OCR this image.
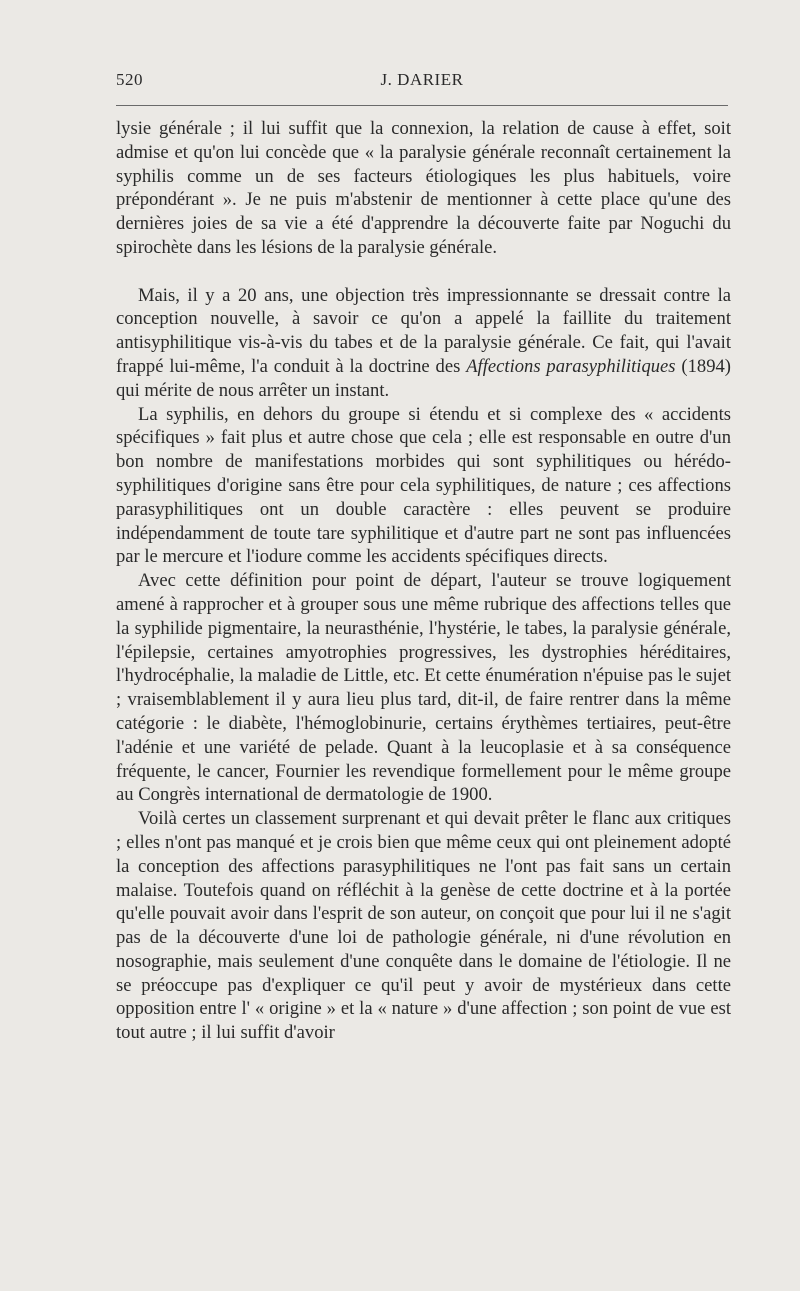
520	J. DARIER

lysie générale ; il lui suffit que la connexion, la relation de cause à effet, soit admise et qu'on lui concède que « la paralysie générale reconnaît certainement la syphilis comme un de ses facteurs étiologiques les plus habituels, voire prépondérant ». Je ne puis m'abstenir de mentionner à cette place qu'une des dernières joies de sa vie a été d'apprendre la découverte faite par Noguchi du spirochète dans les lésions de la paralysie générale.

Mais, il y a 20 ans, une objection très impressionnante se dressait contre la conception nouvelle, à savoir ce qu'on a appelé la faillite du traitement antisyphilitique vis-à-vis du tabes et de la paralysie générale. Ce fait, qui l'avait frappé lui-même, l'a conduit à la doctrine des Affections parasyphilitiques (1894) qui mérite de nous arrêter un instant.

La syphilis, en dehors du groupe si étendu et si complexe des « accidents spécifiques » fait plus et autre chose que cela ; elle est responsable en outre d'un bon nombre de manifestations morbides qui sont syphilitiques ou hérédo-syphilitiques d'origine sans être pour cela syphilitiques, de nature ; ces affections parasyphilitiques ont un double caractère : elles peuvent se produire indépendamment de toute tare syphilitique et d'autre part ne sont pas influencées par le mercure et l'iodure comme les accidents spécifiques directs.

Avec cette définition pour point de départ, l'auteur se trouve logiquement amené à rapprocher et à grouper sous une même rubrique des affections telles que la syphilide pigmentaire, la neurasthénie, l'hystérie, le tabes, la paralysie générale, l'épilepsie, certaines amyotrophies progressives, les dystrophies héréditaires, l'hydrocéphalie, la maladie de Little, etc. Et cette énumération n'épuise pas le sujet ; vraisemblablement il y aura lieu plus tard, dit-il, de faire rentrer dans la même catégorie : le diabète, l'hémoglobinurie, certains érythèmes tertiaires, peut-être l'adénie et une variété de pelade. Quant à la leucoplasie et à sa conséquence fréquente, le cancer, Fournier les revendique formellement pour le même groupe au Congrès international de dermatologie de 1900.

Voilà certes un classement surprenant et qui devait prêter le flanc aux critiques ; elles n'ont pas manqué et je crois bien que même ceux qui ont pleinement adopté la conception des affections parasyphilitiques ne l'ont pas fait sans un certain malaise. Toutefois quand on réfléchit à la genèse de cette doctrine et à la portée qu'elle pouvait avoir dans l'esprit de son auteur, on conçoit que pour lui il ne s'agit pas de la découverte d'une loi de pathologie générale, ni d'une révolution en nosographie, mais seulement d'une conquête dans le domaine de l'étiologie. Il ne se préoccupe pas d'expliquer ce qu'il peut y avoir de mystérieux dans cette opposition entre l' « origine » et la « nature » d'une affection ; son point de vue est tout autre ; il lui suffit d'avoir
